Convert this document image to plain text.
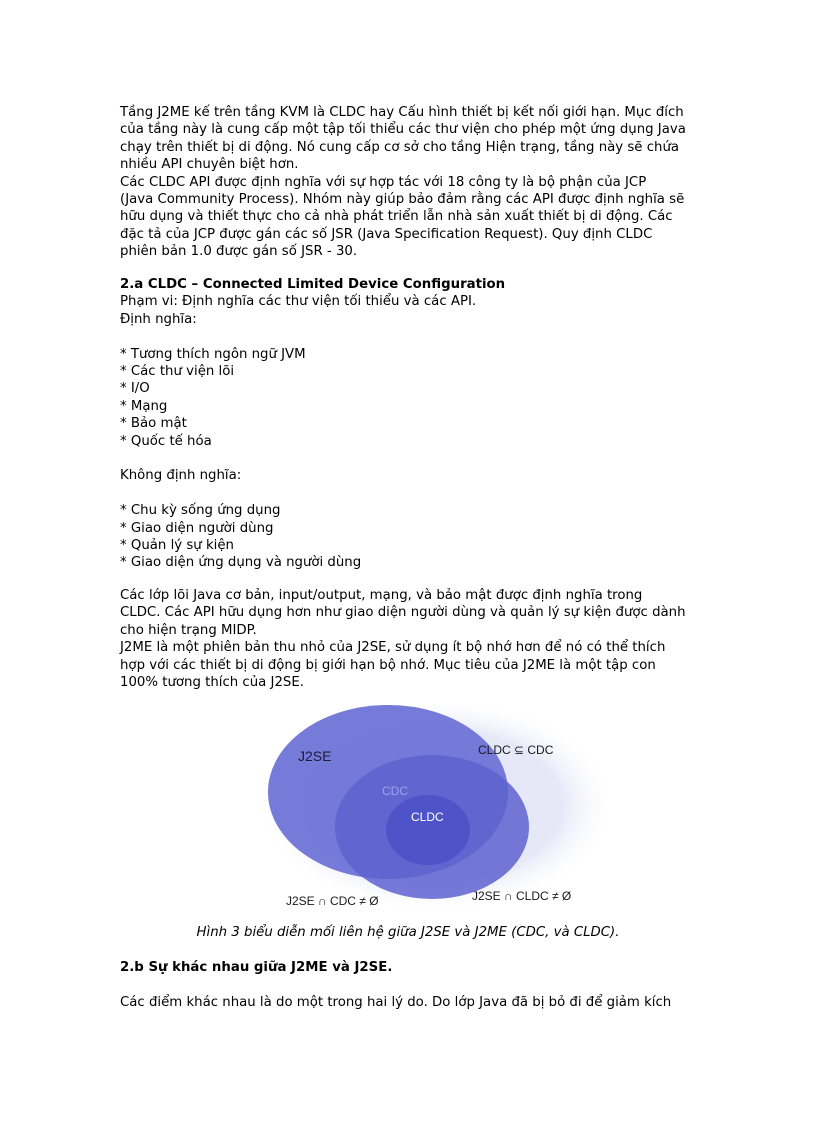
Tầng J2ME kế trên tầng KVM là CLDC hay Cấu hình thiết bị kết nối giới hạn. Mục đích

của tầng này là cung cấp một tập tối thiểu các thư viện cho phép một ứng dụng Java

chạy trên thiết bị di động. Nó cung cấp cơ sở cho tầng Hiện trạng, tầng này sẽ chứa

nhiều API chuyên biệt hơn.

Các CLDC API được định nghĩa với sự hợp tác với 18 công ty là bộ phận của JCP

(Java Community Process). Nhóm này giúp bảo đảm rằng các API được định nghĩa sẽ

hữu dụng và thiết thực cho cả nhà phát triển lẫn nhà sản xuất thiết bị di động. Các

đặc tả của JCP được gán các số JSR (Java Specification Request). Quy định CLDC

phiên bản 1.0 được gán số JSR - 30.

2.a CLDC – Connected Limited Device Configuration

Phạm vi: Định nghĩa các thư viện tối thiểu và các API.

Định nghĩa:

* Tương thích ngôn ngữ JVM

* Các thư viện lõi

* I/O

* Mạng

* Bảo mật

* Quốc tế hóa

Không định nghĩa:

* Chu kỳ sống ứng dụng

* Giao diện người dùng

* Quản lý sự kiện

* Giao diện ứng dụng và người dùng

Các lớp lõi Java cơ bản, input/output, mạng, và bảo mật được định nghĩa trong

CLDC. Các API hữu dụng hơn như giao diện người dùng và quản lý sự kiện được dành

cho hiện trạng MIDP.

J2ME là một phiên bản thu nhỏ của J2SE, sử dụng ít bộ nhớ hơn để nó có thể thích

hợp với các thiết bị di động bị giới hạn bộ nhớ. Mục tiêu của J2ME là một tập con

100% tương thích của J2SE.

J2SE
CDC
CLDC
CLDC ⊆ CDC
J2SE ∩ CDC ≠ Ø	J2SE ∩ CLDC ≠ Ø
Hình 3 biểu diễn mối liên hệ giữa J2SE và J2ME (CDC, và CLDC).

2.b Sự khác nhau giữa J2ME và J2SE.

Các điểm khác nhau là do một trong hai lý do. Do lớp Java đã bị bỏ đi để giảm kích
